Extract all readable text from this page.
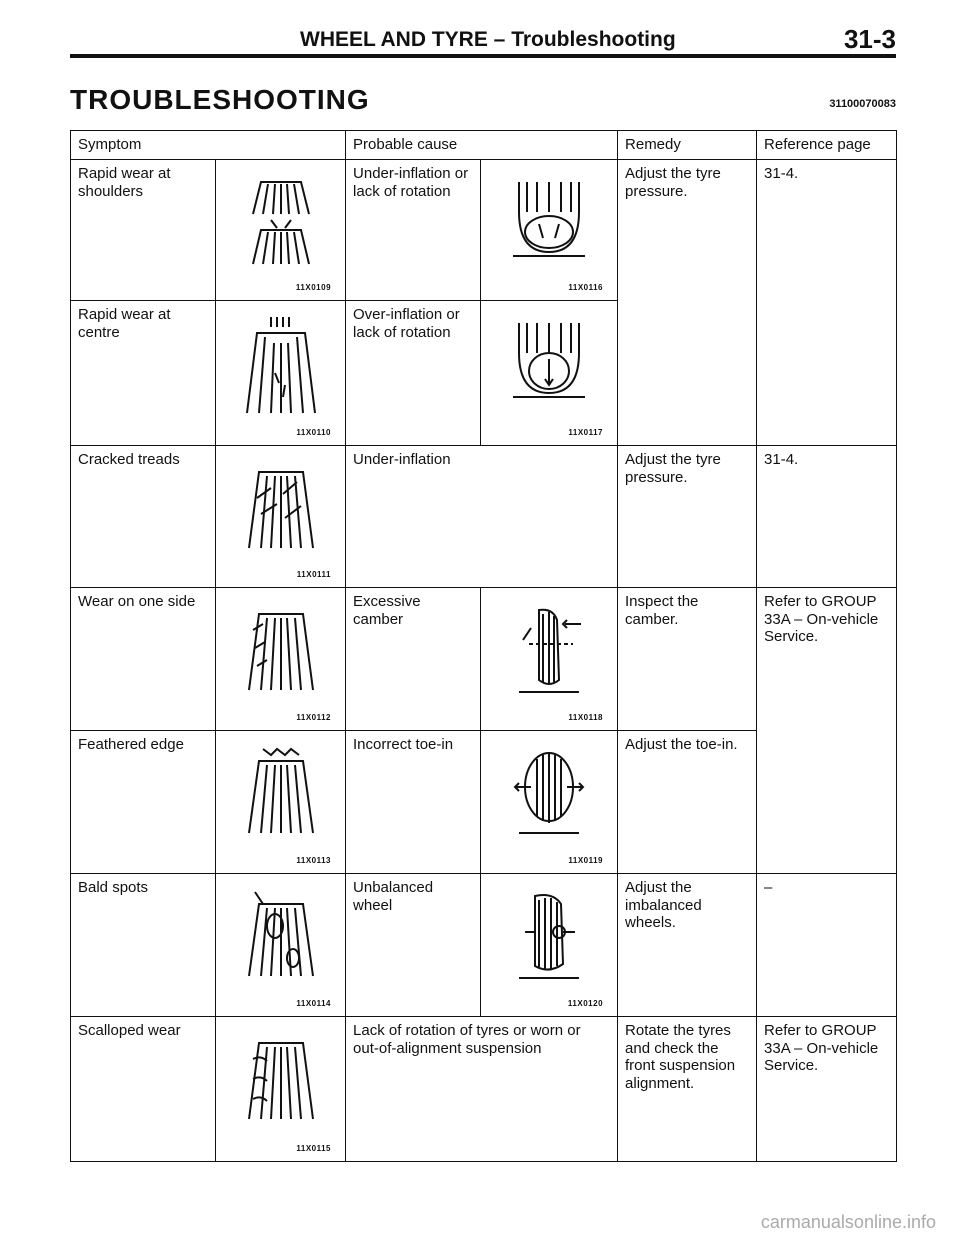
WHEEL AND TYRE – Troubleshooting	31-3
TROUBLESHOOTING	31100070083
Symptom		Probable cause		Remedy	Reference page
Rapid wear at shoulders	11X0109	Under-inflation or lack of rotation	11X0116	Adjust the tyre pressure.	31-4.
Rapid wear at centre	11X0110	Over-inflation or lack of rotation	11X0117		

Cracked treads	11X0111	Under-inflation		Adjust the tyre pressure.	31-4.
Wear on one side	11X0112	Excessive camber	11X0118	Inspect the camber.	Refer to GROUP 33A – On-vehicle Service.
Feathered edge	11X0113	Incorrect toe-in	11X0119	Adjust the toe-in.	
Bald spots	11X0114	Unbalanced wheel	11X0120	Adjust the imbalanced wheels.	–
Scalloped wear	11X0115	Lack of rotation of tyres or worn or out-of-alignment suspension		Rotate the tyres and check the front suspension alignment.	Refer to GROUP 33A – On-vehicle Service.
carmanualsonline.info
